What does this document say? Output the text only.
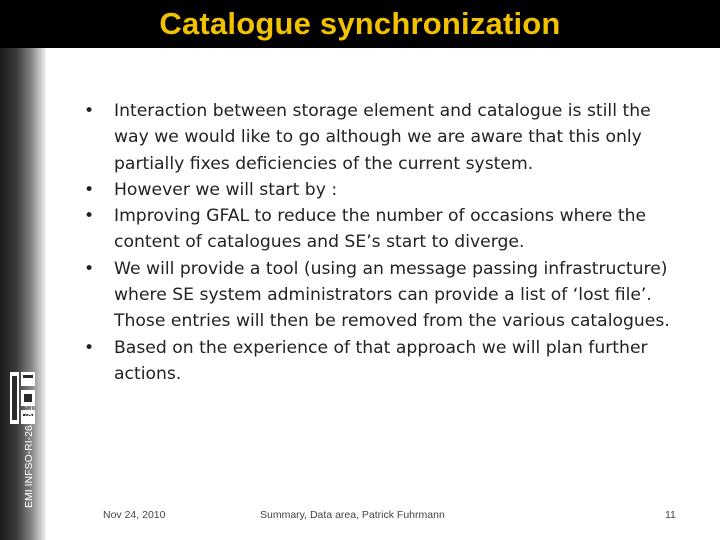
Catalogue synchronization
EMI INFSO-RI-261611
•	Interaction between storage element and catalogue is still the way we would like to go although we are aware that this only partially fixes deficiencies of the current system.
•	However we will start by :
•	Improving GFAL to reduce the number of occasions where the content of catalogues and SE’s start to diverge.
•	We will provide a tool (using an message passing infrastructure) where SE system administrators can provide a list of ‘lost file’. Those entries will then be removed from the various catalogues.
•	Based on the experience of that approach we will plan further actions.
Nov 24, 2010	Summary, Data area, Patrick Fuhrmann	11
